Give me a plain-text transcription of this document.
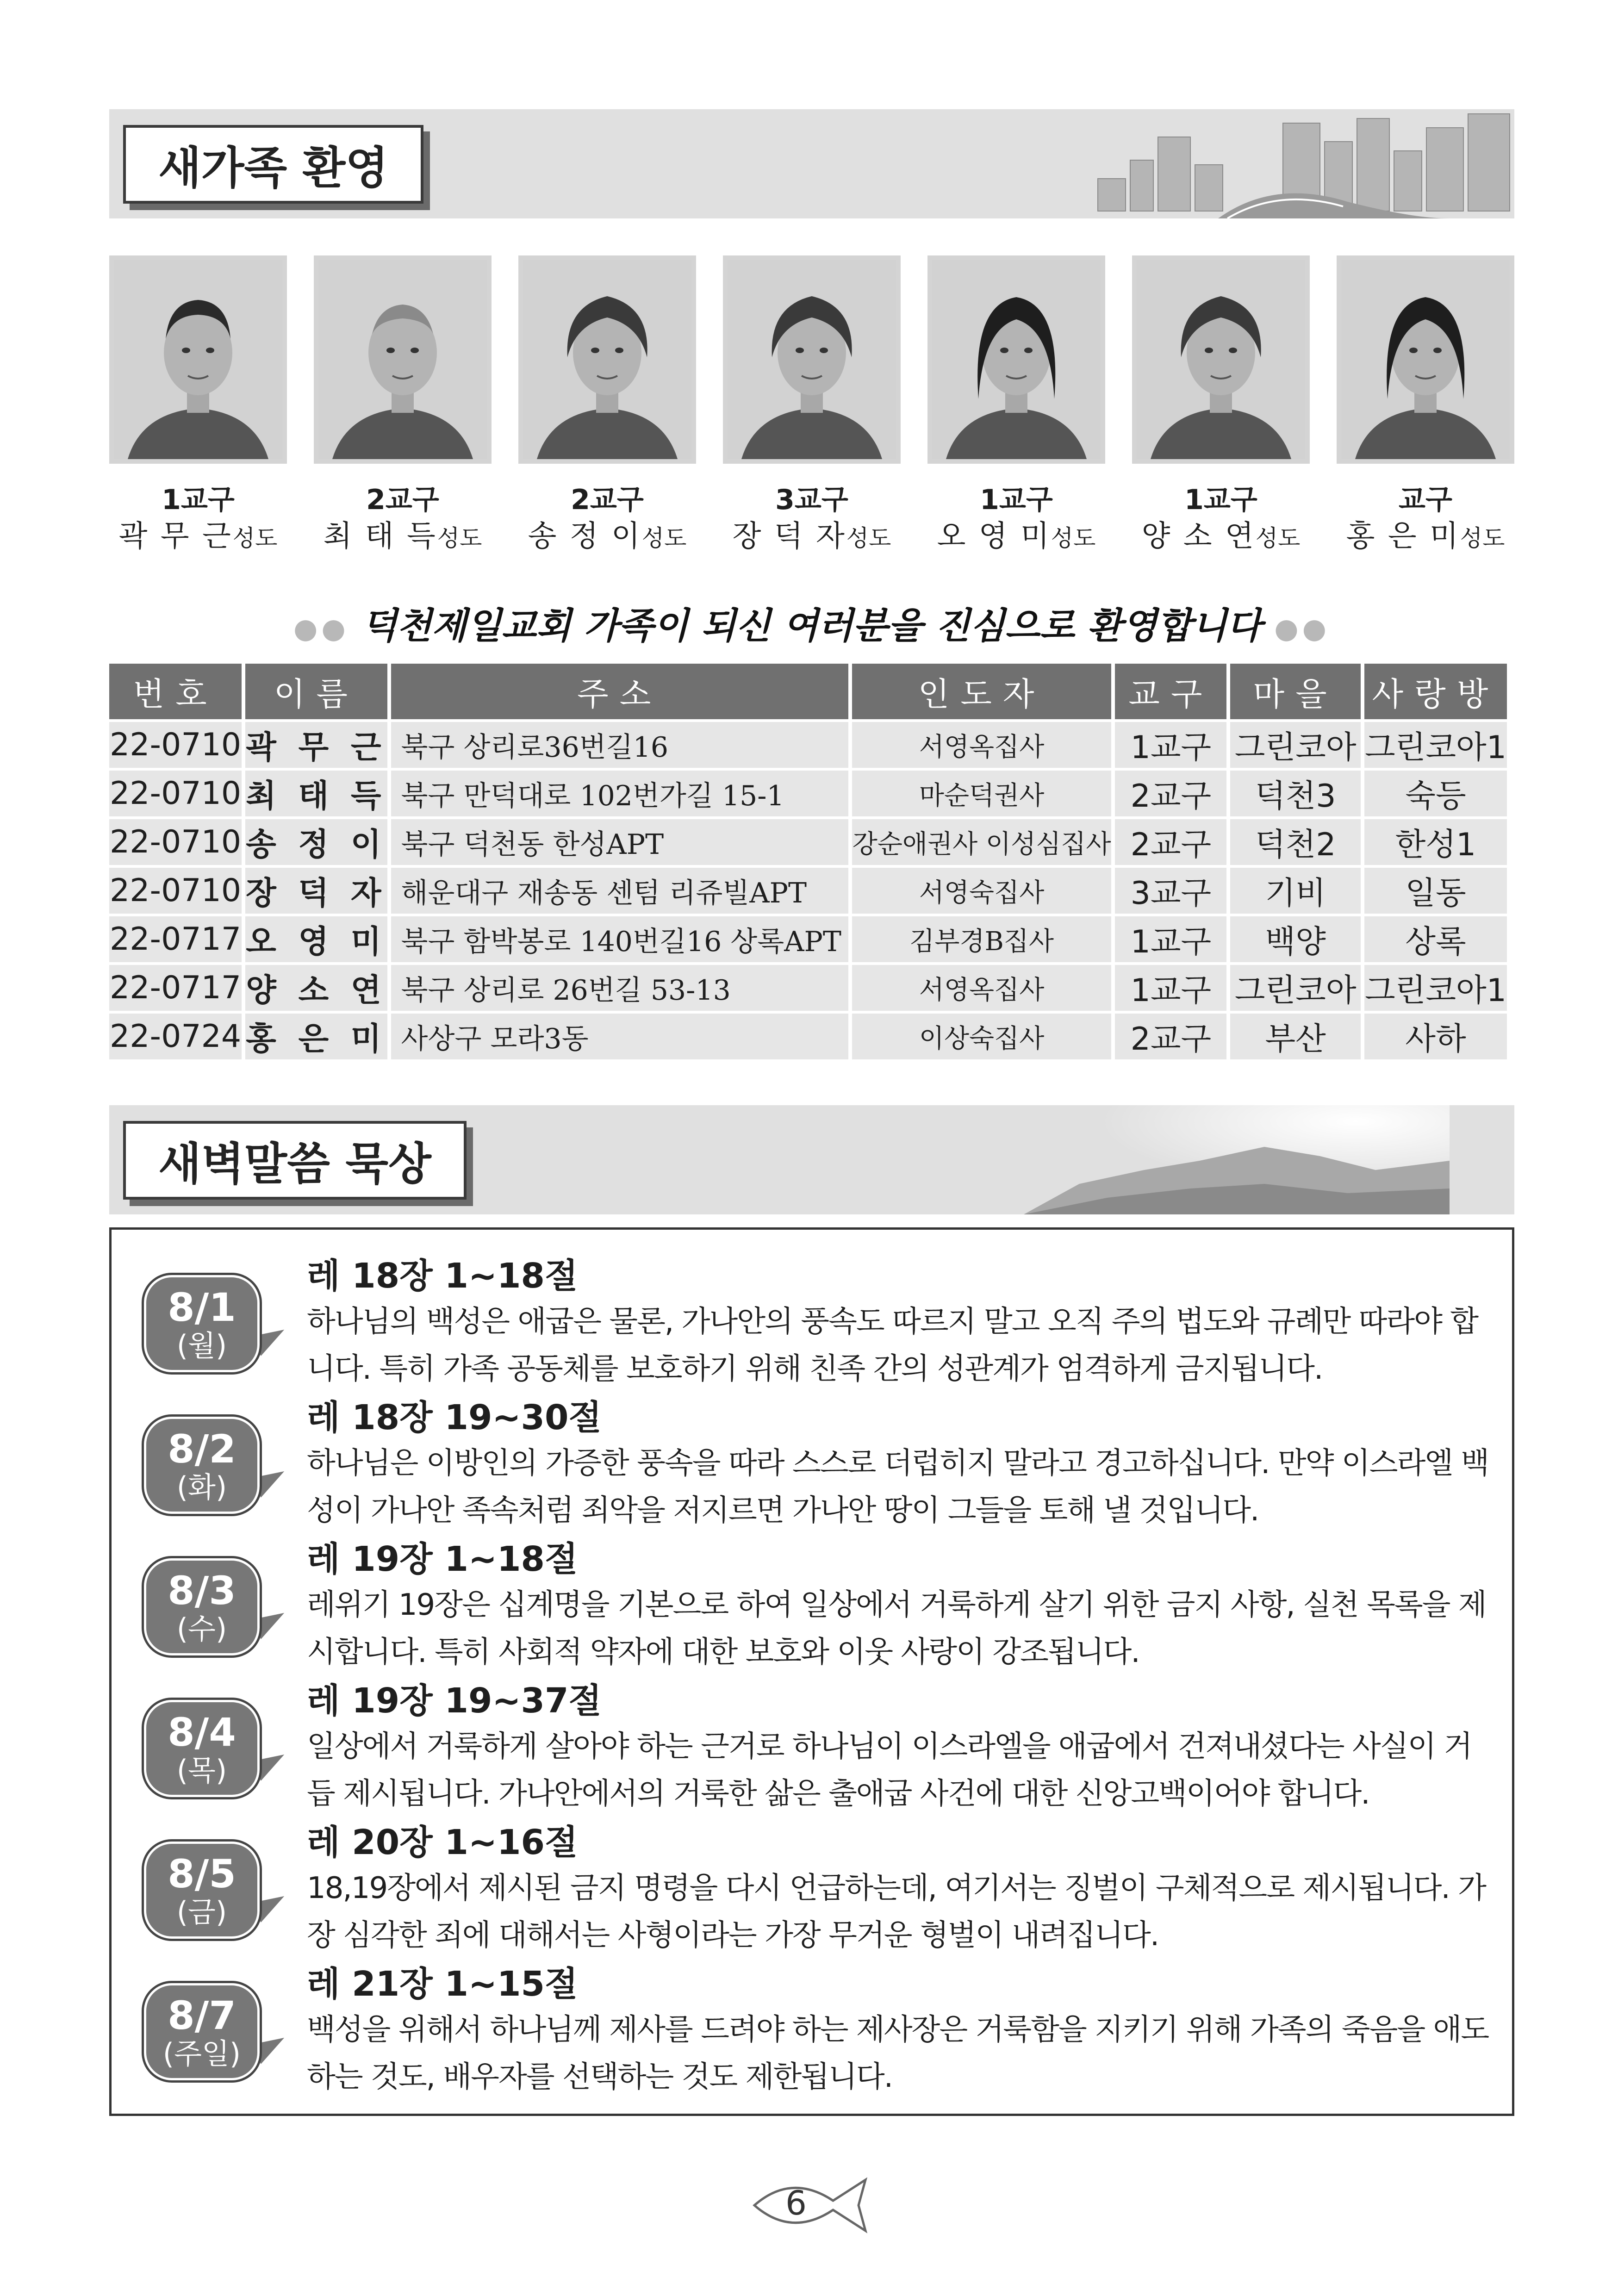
새가족 환영
1교구
곽 무 근성도
2교구
최 태 득성도
2교구
송 정 이성도
3교구
장 덕 자성도
1교구
오 영 미성도
1교구
양 소 연성도
교구
홍 은 미성도
●● 덕천제일교회 가족이 되신 여러분을 진심으로 환영합니다 ●●
번호	이름	주소	인도자	교구	마을	사랑방
22-0710	곽 무 근	북구 상리로36번길16	서영옥집사	1교구	그린코아	그린코아1
22-0710	최 태 득	북구 만덕대로 102번가길 15-1	마순덕권사	2교구	덕천3	숙등
22-0710	송 정 이	북구 덕천동 한성APT	강순애권사 이성심집사	2교구	덕천2	한성1
22-0710	장 덕 자	해운대구 재송동 센텀 리쥬빌APT	서영숙집사	3교구	기비	일동
22-0717	오 영 미	북구 함박봉로 140번길16 상록APT	김부경B집사	1교구	백양	상록
22-0717	양 소 연	북구 상리로 26번길 53-13	서영옥집사	1교구	그린코아	그린코아1
22-0724	홍 은 미	사상구 모라3동	이상숙집사	2교구	부산	사하
새벽말씀 묵상
8/1
(월)
레 18장 1~18절
하나님의 백성은 애굽은 물론, 가나안의 풍속도 따르지 말고 오직 주의 법도와 규례만 따라야 합니다. 특히 가족 공동체를 보호하기 위해 친족 간의 성관계가 엄격하게 금지됩니다.
8/2
(화)
레 18장 19~30절
하나님은 이방인의 가증한 풍속을 따라 스스로 더럽히지 말라고 경고하십니다. 만약 이스라엘 백성이 가나안 족속처럼 죄악을 저지르면 가나안 땅이 그들을 토해 낼 것입니다.
8/3
(수)
레 19장 1~18절
레위기 19장은 십계명을 기본으로 하여 일상에서 거룩하게 살기 위한 금지 사항, 실천 목록을 제시합니다. 특히 사회적 약자에 대한 보호와 이웃 사랑이 강조됩니다.
8/4
(목)
레 19장 19~37절
일상에서 거룩하게 살아야 하는 근거로 하나님이 이스라엘을 애굽에서 건져내셨다는 사실이 거듭 제시됩니다. 가나안에서의 거룩한 삶은 출애굽 사건에 대한 신앙고백이어야 합니다.
8/5
(금)
레 20장 1~16절
18,19장에서 제시된 금지 명령을 다시 언급하는데, 여기서는 징벌이 구체적으로 제시됩니다. 가장 심각한 죄에 대해서는 사형이라는 가장 무거운 형벌이 내려집니다.
8/7
(주일)
레 21장 1~15절
백성을 위해서 하나님께 제사를 드려야 하는 제사장은 거룩함을 지키기 위해 가족의 죽음을 애도하는 것도, 배우자를 선택하는 것도 제한됩니다.
6
